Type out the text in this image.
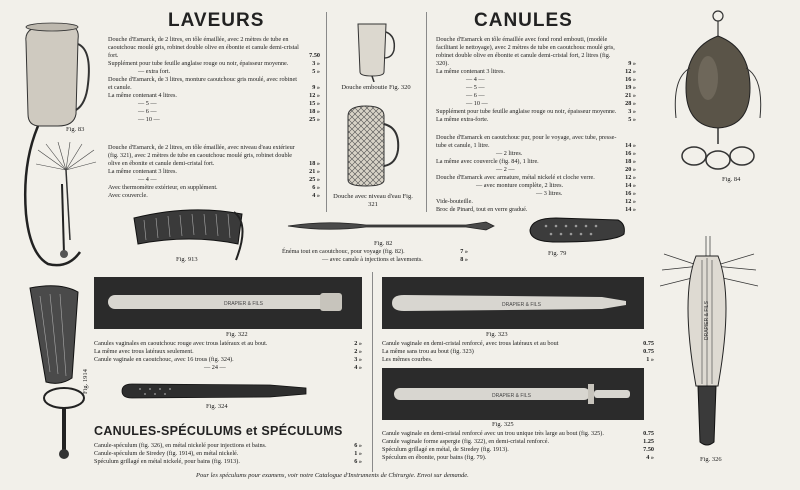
LAVEURS
Fig. 83
Douche d'Esmarck, de 2 litres, en tôle émaillée, avec 2 mètres de tube en caoutchouc moulé gris, robinet double olive en ébonite et canule demi-cristal fort.	7.50
Supplément pour tube feuille anglaise rouge ou noir, épaisseur moyenne.	3 »
— extra fort.	5 »
Douche d'Esmarck, de 3 litres, monture caoutchouc gris moulé, avec robinet et canule.	9 »
La même contenant 4 litres.	12 »
— 5 —	15 »
— 6 —	18 »
— 10 —	25 »
Douche d'Esmarck, de 2 litres, en tôle émaillée, avec niveau d'eau extérieur (fig. 321), avec 2 mètres de tube en caoutchouc moulé gris, robinet double olive en ébonite et canule demi-cristal fort.	18 »
La même contenant 3 litres.	21 »
— 4 —	25 »
Avec thermomètre extérieur, en supplément.	6 »
Avec couvercle.	4 »
Douche emboutie Fig. 320
Douche avec niveau d'eau Fig. 321
CANULES
Douche d'Esmarck en tôle émaillée avec fond rond embouti, (modèle facilitant le nettoyage), avec 2 mètres de tube en caoutchouc moulé gris, robinet double olive en ébonite et canule demi-cristal fort, 2 litres (fig. 320).	9 »
La même contenant 3 litres.	12 »
— 4 —	16 »
— 5 —	19 »
— 6 —	21 »
— 10 —	28 »
Supplément pour tube feuille anglaise rouge ou noir, épaisseur moyenne. 3 »
La même extra-forte.	5 »
Douche d'Esmarck en caoutchouc pur, pour le voyage, avec tube, presse-tube et canule, 1 litre.	14 »
— 2 litres.	16 »
La même avec couvercle (fig. 84), 1 litre.	18 »
— 2 —	20 »
Douche d'Esmarck avec armature, métal nickelé et cloche verre.	12 »
— avec monture complète, 2 litres.	14 »
— 3 litres.	16 »
Vide-bouteille.	12 »
Broc de Pinard, tout en verre gradué.	14 »
Fig. 84
Fig. 913
Fig. 82
Énéma tout en caoutchouc, pour voyage (fig. 82).	7 »
— avec canule à injections et lavements.	8 »
Fig. 79
DRAPIER & FILS
Fig. 322
Canules vaginales en caoutchouc rouge avec trous latéraux et au bout.	2 »
La même avec trous latéraux seulement.	2 »
Canule vaginale en caoutchouc, avec 16 trous (fig. 324).	3 »
— 24 —	4 »
Fig. 324
Fig. 1914
CANULES-SPÉCULUMS et SPÉCULUMS
Canule-spéculum (fig. 326), en métal nickelé pour injections et bains.	6 »
Canule-spéculum de Siredey (fig. 1914), en métal nickelé.	1 »
Spéculum grillagé en métal nickelé, pour bains (fig. 1913).	6 »
DRAPIER & FILS
Fig. 323
Canule vaginale en demi-cristal renforcé, avec trous latéraux et au bout	0.75
La même sans trou au bout (fig. 323)	0.75
Les mêmes courbes.	1 »
DRAPIER & FILS
Fig. 325
Canule vaginale en demi-cristal renforcé avec un trou unique très large au bout (fig. 325).	0.75
Canule vaginale forme aspergie (fig. 322), en demi-cristal renforcé.	1.25
Spéculum grillagé en métal, de Siredey (fig. 1913).	7.50
Spéculum en ébonite, pour bains (fig. 79).	4 »
DRAPIER & FILS
Fig. 326
Pour les spéculums pour examens, voir notre Catalogue d'Instruments de Chirurgie. Envoi sur demande.
